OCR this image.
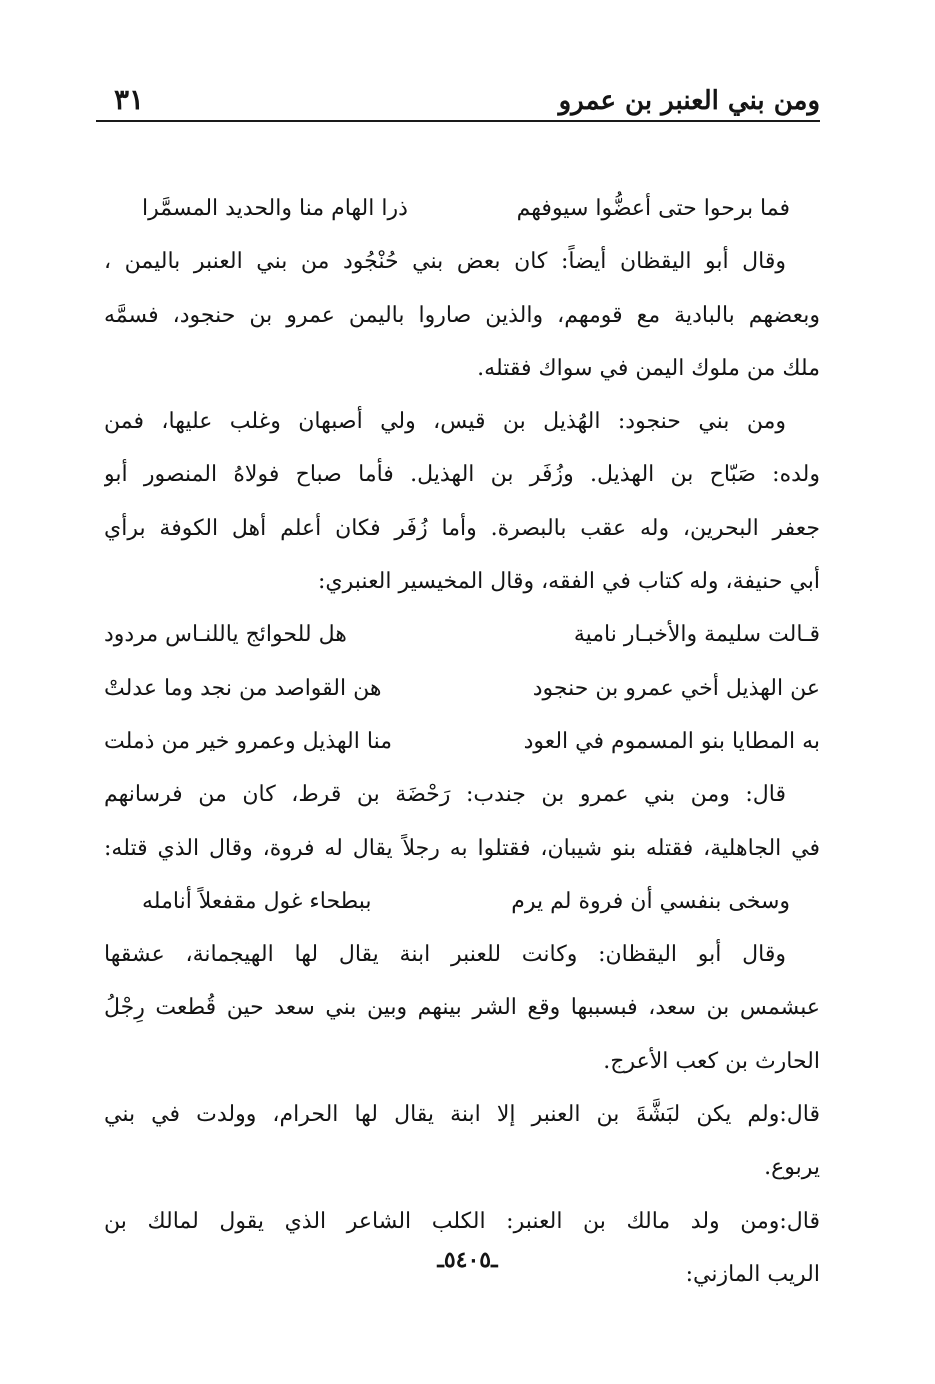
ومن بني العنبر بن عمرو
٣١
فما برحوا حتى أعضُّوا سيوفهم
ذرا الهام منا والحديد المسمَّرا
وقال أبو اليقظان أيضاً: كان بعض بني حُنْجُود من بني العنبر باليمن ،
وبعضهم بالبادية مع قومهم، والذين صاروا باليمن عمرو بن حنجود، فسمَّه
ملك من ملوك اليمن في سواك فقتله.
ومن بني حنجود: الهُذيل بن قيس، ولي أصبهان وغلب عليها، فمن
ولده: صَبّاح بن الهذيل. وزُفَر بن الهذيل. فأما صباح فولاهُ المنصور أبو
جعفر البحرين، وله عقب بالبصرة. وأما زُفَر فكان أعلم أهل الكوفة برأي
أبي حنيفة، وله كتاب في الفقه، وقال المخيسير العنبري:
قـالت سليمة والأخبـار نامية
هل للحوائج ياللنـاس مردود
عن الهذيل أخي عمرو بن حنجود
هن القواصد من نجد وما عدلتْ
به المطايا بنو المسموم في العود
منا الهذيل وعمرو خير من ذملت
قال: ومن بني عمرو بن جندب: رَحْضَة بن قرط، كان من فرسانهم
في الجاهلية، فقتله بنو شيبان، فقتلوا به رجلاً يقال له فروة، وقال الذي قتله:
وسخى بنفسي أن فروة لم يرم
ببطحاء غول مقفعلاً أنامله
وقال أبو اليقظان: وكانت للعنبر ابنة يقال لها الهيجمانة، عشقها
عبشمس بن سعد، فبسببها وقع الشر بينهم وبين بني سعد حين قُطعت رِجْلُ
الحارث بن كعب الأعرج.
قال:ولم يكن لبَشَّةَ بن العنبر إلا ابنة يقال لها الحرام، وولدت في بني
يربوع.
قال:ومن ولد مالك بن العنبر: الكلب الشاعر الذي يقول لمالك بن
الريب المازني:
ـ٥٤٠٥ـ
